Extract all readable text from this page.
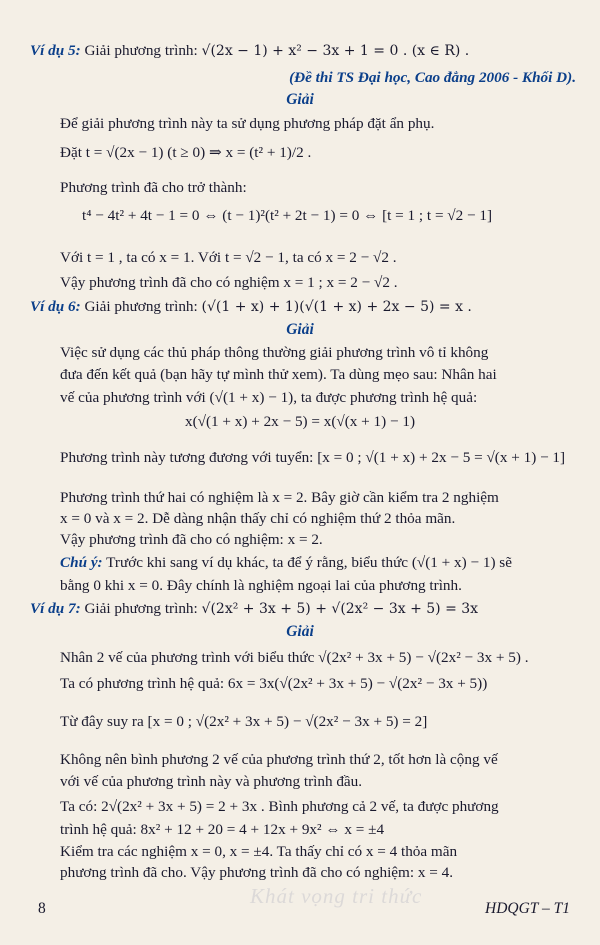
Ví dụ 5: Giải phương trình: √(2x − 1) + x² − 3x + 1 = 0 . (x ∈ R) .
(Đề thi TS Đại học, Cao đẳng 2006 - Khối D).
Giải
Để giải phương trình này ta sử dụng phương pháp đặt ẩn phụ.
Đặt t = √(2x − 1) (t ≥ 0) ⇒ x = (t² + 1)/2 .
Phương trình đã cho trở thành:
t⁴ − 4t² + 4t − 1 = 0 ⇔ (t − 1)²(t² + 2t − 1) = 0 ⇔ [t = 1 ; t = √2 − 1]
Với t = 1 , ta có x = 1. Với t = √2 − 1, ta có x = 2 − √2 .
Vậy phương trình đã cho có nghiệm x = 1 ; x = 2 − √2 .
Ví dụ 6: Giải phương trình: (√(1 + x) + 1)(√(1 + x) + 2x − 5) = x .
Giải
Việc sử dụng các thủ pháp thông thường giải phương trình vô tỉ không
đưa đến kết quả (bạn hãy tự mình thử xem). Ta dùng mẹo sau: Nhân hai
vế của phương trình với (√(1 + x) − 1), ta được phương trình hệ quả:
x(√(1 + x) + 2x − 5) = x(√(x + 1) − 1)
Phương trình này tương đương với tuyển: [x = 0 ; √(1 + x) + 2x − 5 = √(x + 1) − 1]
Phương trình thứ hai có nghiệm là x = 2. Bây giờ cần kiểm tra 2 nghiệm
x = 0 và x = 2. Dễ dàng nhận thấy chỉ có nghiệm thứ 2 thỏa mãn.
Vậy phương trình đã cho có nghiệm: x = 2.
Chú ý: Trước khi sang ví dụ khác, ta để ý rằng, biểu thức (√(1 + x) − 1) sẽ
bằng 0 khi x = 0. Đây chính là nghiệm ngoại lai của phương trình.
Ví dụ 7: Giải phương trình: √(2x² + 3x + 5) + √(2x² − 3x + 5) = 3x
Giải
Nhân 2 vế của phương trình với biểu thức √(2x² + 3x + 5) − √(2x² − 3x + 5) .
Ta có phương trình hệ quả: 6x = 3x(√(2x² + 3x + 5) − √(2x² − 3x + 5))
Từ đây suy ra [x = 0 ; √(2x² + 3x + 5) − √(2x² − 3x + 5) = 2]
Không nên bình phương 2 vế của phương trình thứ 2, tốt hơn là cộng vế
với vế của phương trình này và phương trình đầu.
Ta có: 2√(2x² + 3x + 5) = 2 + 3x . Bình phương cả 2 vế, ta được phương
trình hệ quả: 8x² + 12 + 20 = 4 + 12x + 9x² ⇔ x = ±4
Kiểm tra các nghiệm x = 0, x = ±4. Ta thấy chỉ có x = 4 thỏa mãn
phương trình đã cho. Vậy phương trình đã cho có nghiệm: x = 4.
Khát vọng tri thức
8	HDQGT – T1
